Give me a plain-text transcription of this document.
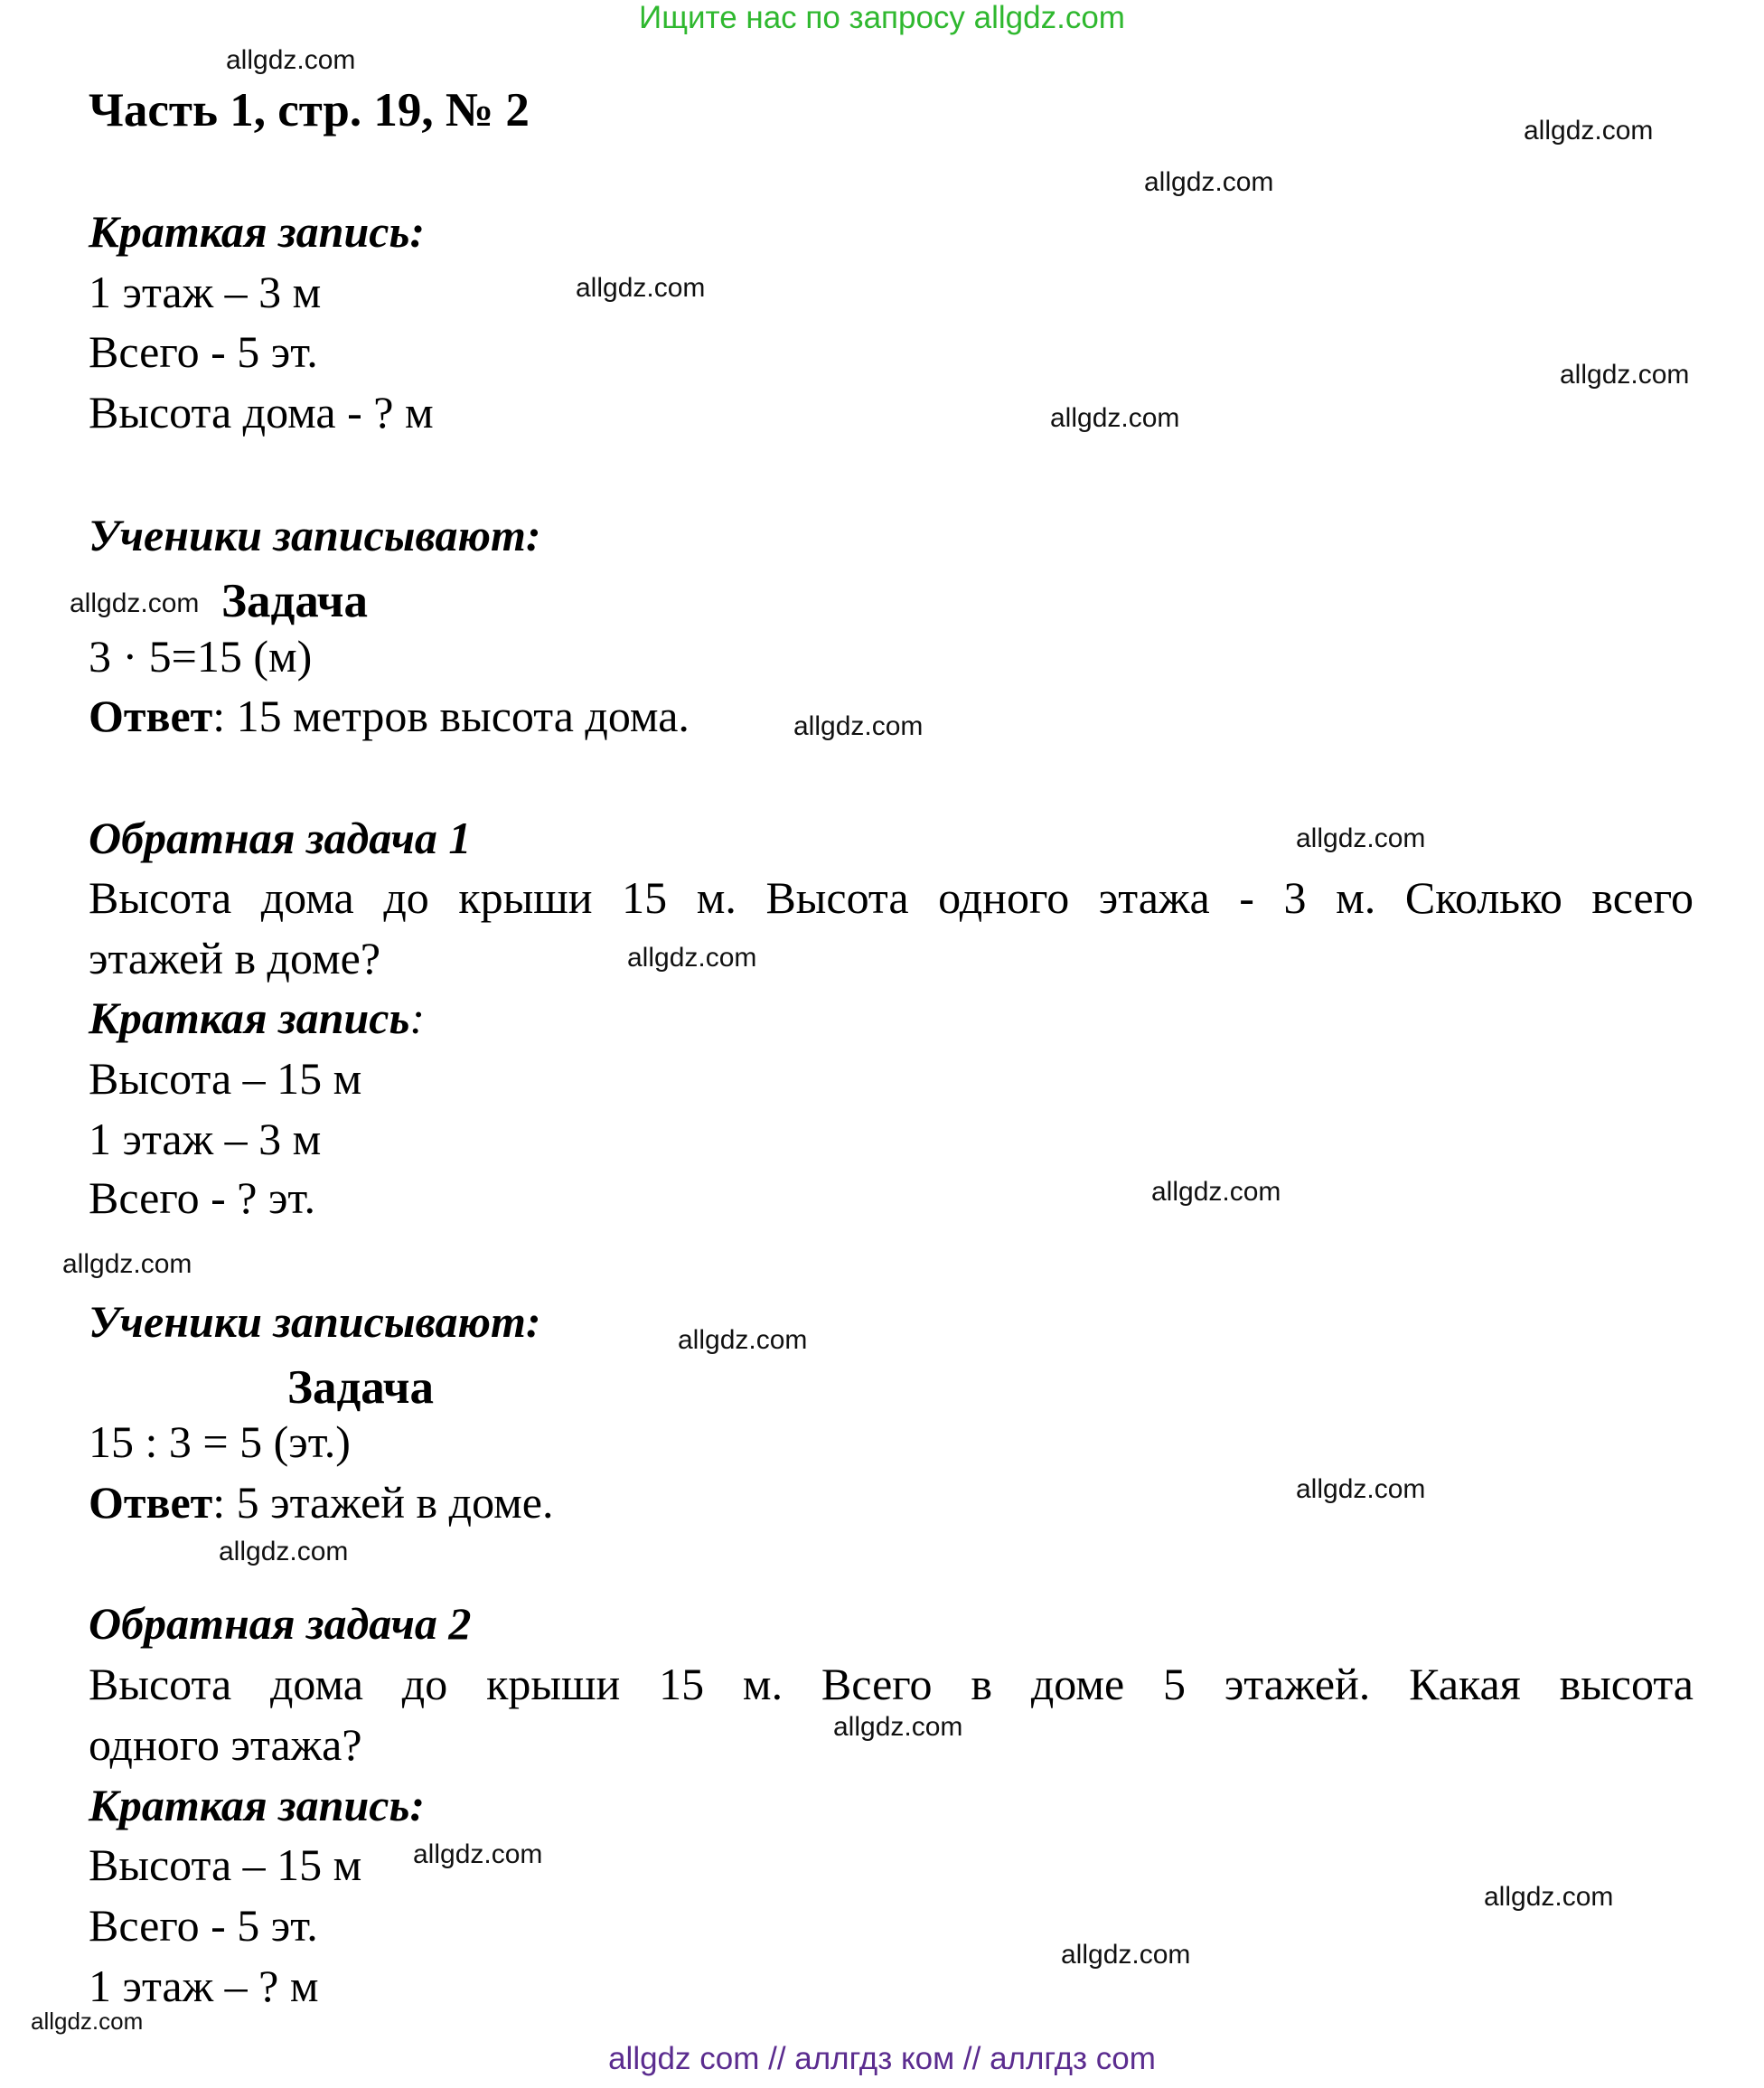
Ищите нас по запросу allgdz.com
allgdz com // аллгдз ком // аллгдз com
Часть 1, стр. 19, № 2
Краткая запись:
1 этаж – 3 м
Всего - 5 эт.
Высота дома - ? м
Ученики записывают:
Задача
3 · 5=15 (м)
Ответ: 15 метров высота дома.
Обратная задача 1
Высота дома до крыши 15 м. Высота одного этажа - 3 м. Сколько всего
этажей в доме?
Краткая запись:
Высота – 15 м
1 этаж – 3 м
Всего - ? эт.
Ученики записывают:
Задача
15 : 3 = 5 (эт.)
Ответ: 5 этажей в доме.
Обратная задача 2
Высота дома до крыши 15 м. Всего в доме 5 этажей. Какая высота
одного этажа?
Краткая запись:
Высота – 15 м
Всего - 5 эт.
1 этаж – ? м
allgdz.com
allgdz.com
allgdz.com
allgdz.com
allgdz.com
allgdz.com
allgdz.com
allgdz.com
allgdz.com
allgdz.com
allgdz.com
allgdz.com
allgdz.com
allgdz.com
allgdz.com
allgdz.com
allgdz.com
allgdz.com
allgdz.com
allgdz.com
